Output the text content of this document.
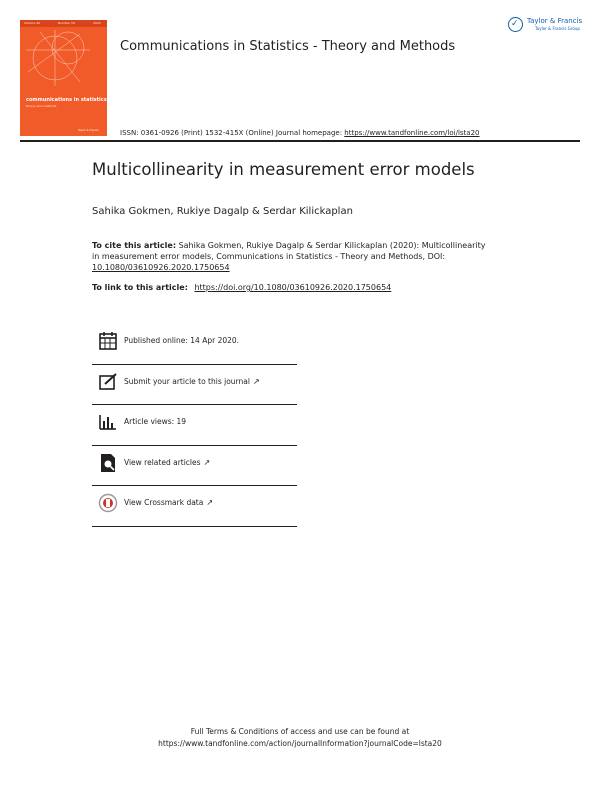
Volume 49	Number 18	2020
communications in statistics
theory and methods

Taylor & Francis
Communications in Statistics - Theory and Methods
✓ Taylor & Francis
Taylor & Francis Group
ISSN: 0361-0926 (Print) 1532-415X (Online) Journal homepage: https://www.tandfonline.com/loi/lsta20
Multicollinearity in measurement error models
Sahika Gokmen, Rukiye Dagalp & Serdar Kilickaplan
To cite this article: Sahika Gokmen, Rukiye Dagalp & Serdar Kilickaplan (2020): Multicollinearity in measurement error models, Communications in Statistics - Theory and Methods, DOI: 10.1080/03610926.2020.1750654
To link to this article: https://doi.org/10.1080/03610926.2020.1750654
Published online: 14 Apr 2020.
Submit your article to this journal ↗
Article views: 19
View related articles ↗
View Crossmark data ↗
Full Terms & Conditions of access and use can be found at
https://www.tandfonline.com/action/journalInformation?journalCode=lsta20
